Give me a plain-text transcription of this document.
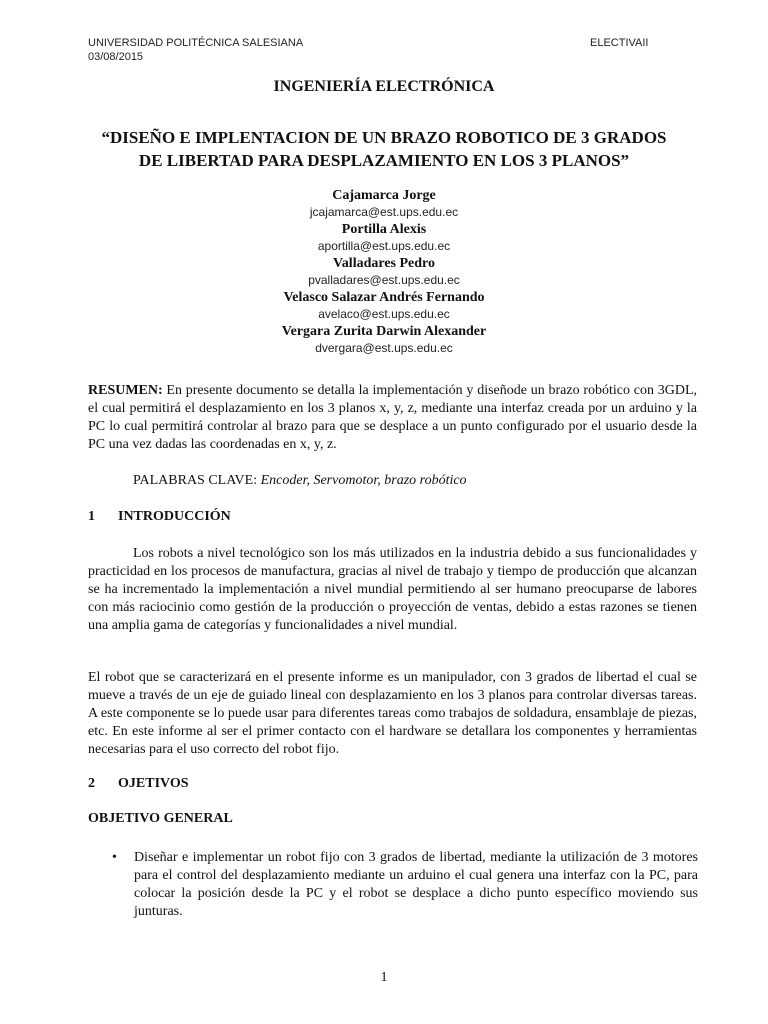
UNIVERSIDAD POLITÉCNICA SALESIANA
03/08/2015
ELECTIVAII
INGENIERÍA ELECTRÓNICA
“DISEÑO E IMPLENTACION DE UN BRAZO ROBOTICO DE 3 GRADOS
DE LIBERTAD PARA DESPLAZAMIENTO EN LOS 3 PLANOS”
Cajamarca Jorge
jcajamarca@est.ups.edu.ec
Portilla Alexis
aportilla@est.ups.edu.ec
Valladares Pedro
pvalladares@est.ups.edu.ec
Velasco Salazar Andrés Fernando
avelaco@est.ups.edu.ec
Vergara Zurita Darwin Alexander
dvergara@est.ups.edu.ec
RESUMEN: En presente documento se detalla la implementación y diseñode un brazo robótico con 3GDL, el cual permitirá el desplazamiento en los 3 planos x, y, z, mediante una interfaz creada por un arduino y la PC lo cual permitirá controlar al brazo para que se desplace a un punto configurado por el usuario desde la PC una vez dadas las coordenadas en x, y, z.
PALABRAS CLAVE: Encoder, Servomotor, brazo robótico
1 INTRODUCCIÓN
Los robots a nivel tecnológico son los más utilizados en la industria debido a sus funcionalidades y practicidad en los procesos de manufactura, gracias al nivel de trabajo y tiempo de producción que alcanzan se ha incrementado la implementación a nivel mundial permitiendo al ser humano preocuparse de labores con más raciocinio como gestión de la producción o proyección de ventas, debido a estas razones se tienen una amplia gama de categorías y funcionalidades a nivel mundial.
El robot que se caracterizará en el presente informe es un manipulador, con 3 grados de libertad el cual se mueve a través de un eje de guiado lineal con desplazamiento en los 3 planos para controlar diversas tareas. A este componente se lo puede usar para diferentes tareas como trabajos de soldadura, ensamblaje de piezas, etc. En este informe al ser el primer contacto con el hardware se detallara los componentes y herramientas necesarias para el uso correcto del robot fijo.
2 OJETIVOS
OBJETIVO GENERAL
• Diseñar e implementar un robot fijo con 3 grados de libertad, mediante la utilización de 3 motores para el control del desplazamiento mediante un arduino el cual genera una interfaz con la PC, para colocar la posición desde la PC y el robot se desplace a dicho punto específico moviendo sus junturas.
1
